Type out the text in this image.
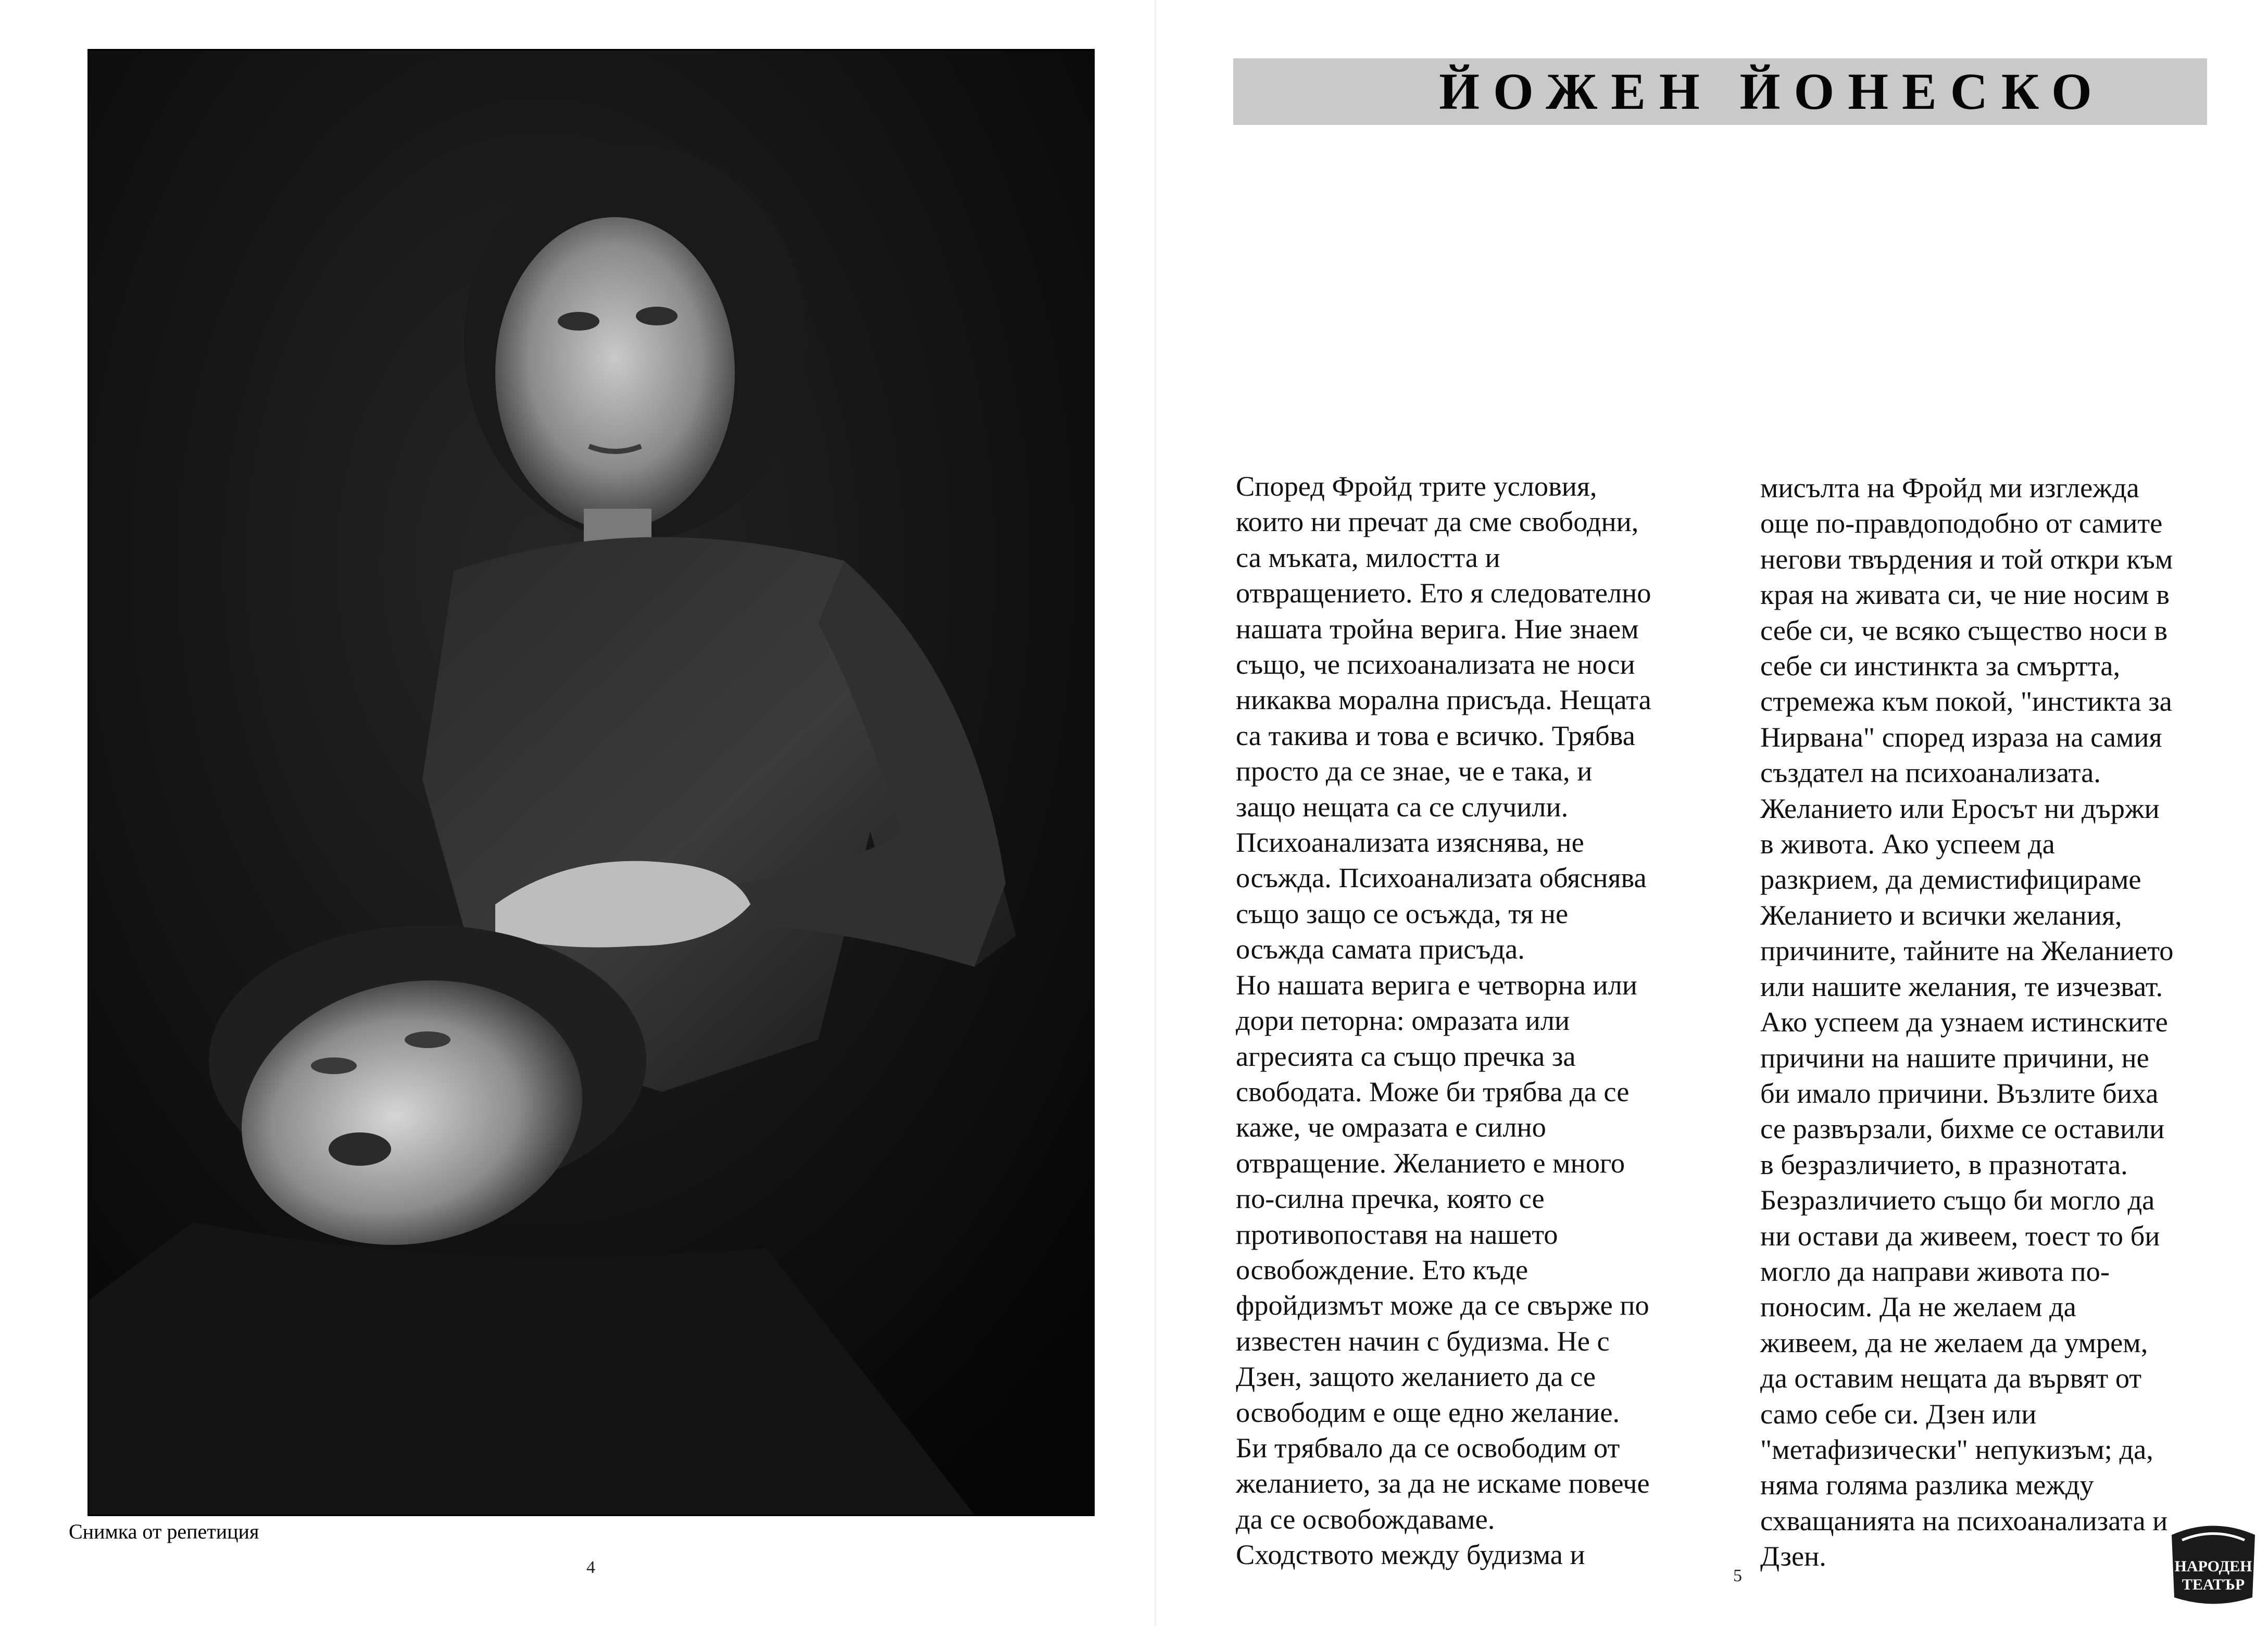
Снимка от репетиция
4
ЙОЖЕН ЙОНЕСКО
Според Фройд трите условия,
които ни пречат да сме свободни,
са мъката, милостта и
отвращението. Ето я следователно
нашата тройна верига. Ние знаем
също, че психоанализата не носи
никаква морална присъда. Нещата
са такива и това е всичко. Трябва
просто да се знае, че е така, и
защо нещата са се случили.
Психоанализата изяснява, не
осъжда. Психоанализата обяснява
също защо се осъжда, тя не
осъжда самата присъда.
Но нашата верига е четворна или
дори петорна: омразата или
агресията са също пречка за
свободата. Може би трябва да се
каже, че омразата е силно
отвращение. Желанието е много
по-силна пречка, която се
противопоставя на нашето
освобождение. Ето къде
фройдизмът може да се свърже по
известен начин с будизма. Не с
Дзен, защото желанието да се
освободим е още едно желание.
Би трябвало да се освободим от
желанието, за да не искаме повече
да се освобождаваме.
Сходството между будизма и
мисълта на Фройд ми изглежда
още по-правдоподобно от самите
негови твърдения и той откри към
края на живата си, че ние носим в
себе си, че всяко същество носи в
себе си инстинкта за смъртта,
стремежа към покой, "инстикта за
Нирвана" според израза на самия
създател на психоанализата.
Желанието или Еросът ни държи
в живота. Ако успеем да
разкрием, да демистифицираме
Желанието и всички желания,
причините, тайните на Желанието
или нашите желания, те изчезват.
Ако успеем да узнаем истинските
причини на нашите причини, не
би имало причини. Възлите биха
се развързали, бихме се оставили
в безразличието, в празнотата.
Безразличието също би могло да
ни остави да живеем, тоест то би
могло да направи живота по-
поносим. Да не желаем да
живеем, да не желаем да умрем,
да оставим нещата да вървят от
само себе си. Дзен или
"метафизически" непукизъм; да,
няма голяма разлика между
схващанията на психоанализата и
Дзен.
5	НАРОДЕН
ТЕАТЪР
